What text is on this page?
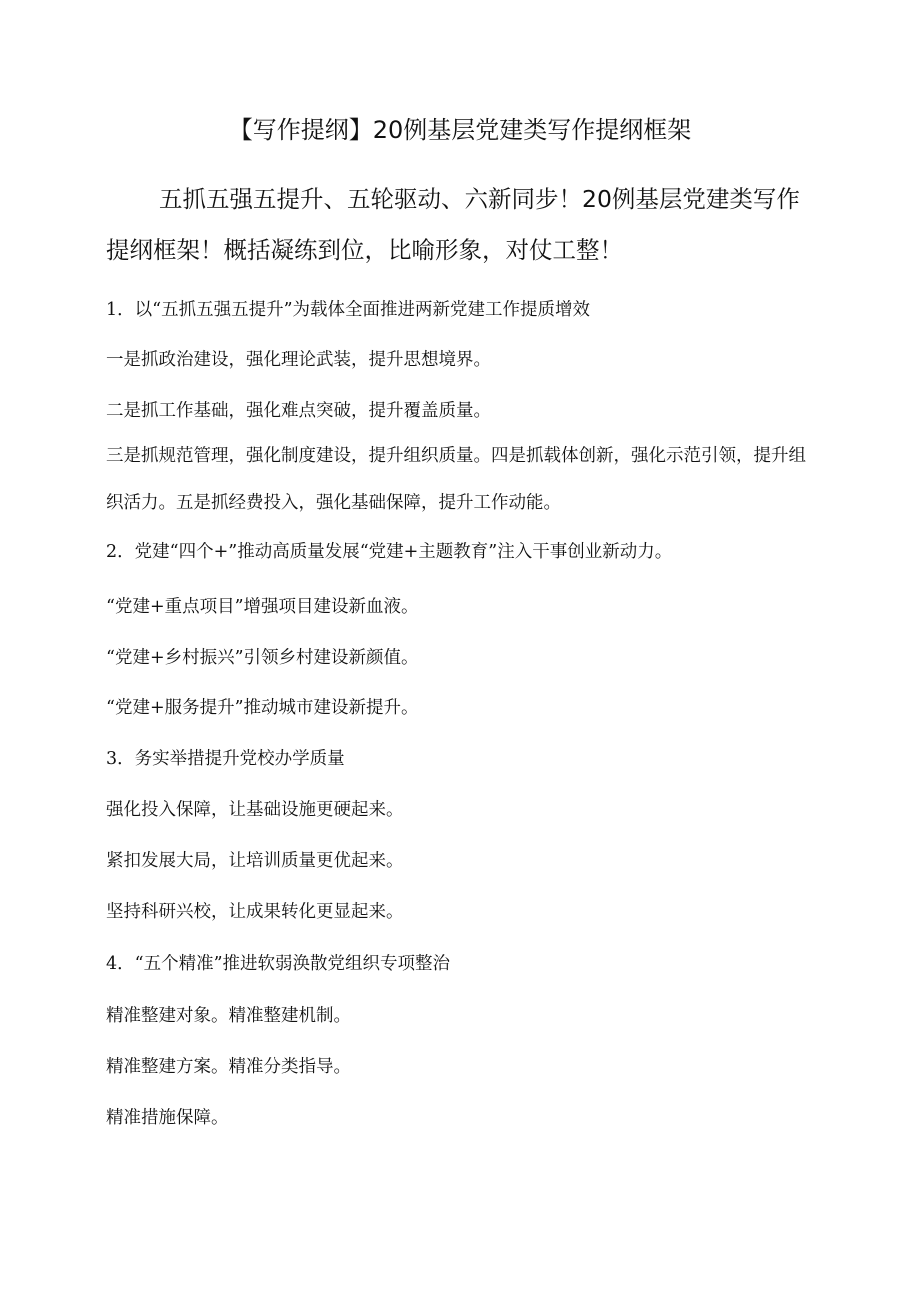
【写作提纲】20例基层党建类写作提纲框架

五抓五强五提升、五轮驱动、六新同步！20例基层党建类写作提纲框架！概括凝练到位，比喻形象，对仗工整！

1．以“五抓五强五提升”为载体全面推进两新党建工作提质增效

一是抓政治建设，强化理论武装，提升思想境界。

二是抓工作基础，强化难点突破，提升覆盖质量。

三是抓规范管理，强化制度建设，提升组织质量。四是抓载体创新，强化示范引领，提升组织活力。五是抓经费投入，强化基础保障，提升工作动能。

2．党建“四个+”推动高质量发展“党建+主题教育”注入干事创业新动力。

“党建+重点项目”增强项目建设新血液。

“党建+乡村振兴”引领乡村建设新颜值。

“党建+服务提升”推动城市建设新提升。

3．务实举措提升党校办学质量

强化投入保障，让基础设施更硬起来。

紧扣发展大局，让培训质量更优起来。

坚持科研兴校，让成果转化更显起来。

4．“五个精准”推进软弱涣散党组织专项整治

精准整建对象。精准整建机制。

精准整建方案。精准分类指导。

精准措施保障。
